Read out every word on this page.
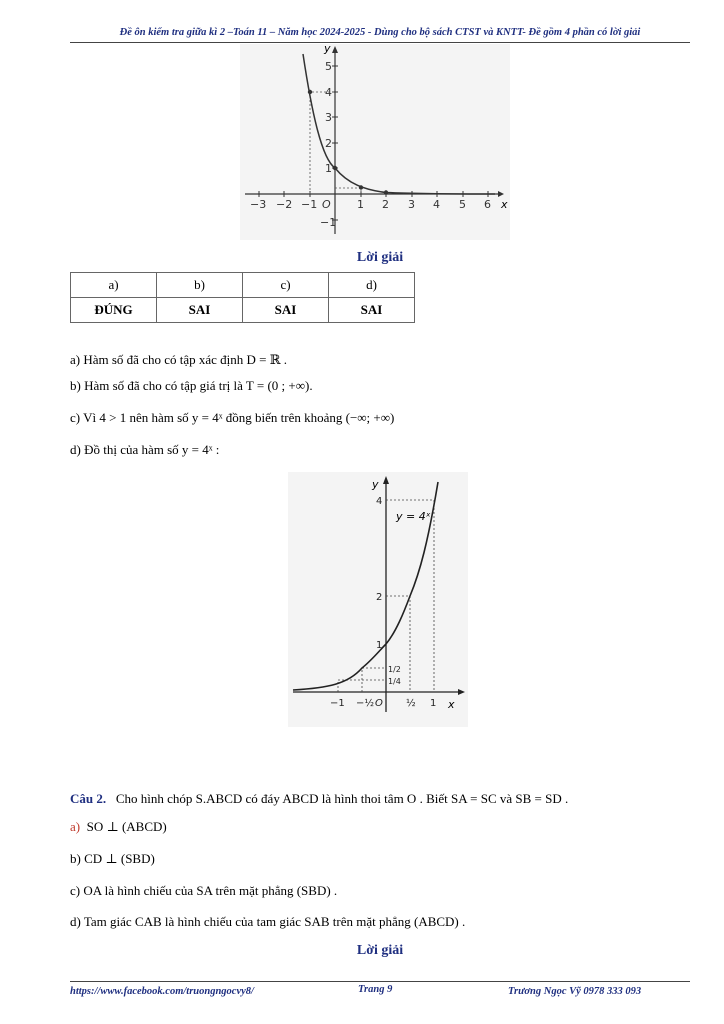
Đề ôn kiểm tra giữa kì 2 –Toán 11 – Năm học 2024-2025 - Dùng cho bộ sách CTST và KNTT- Đề gồm 4 phần có lời giải
x
y
−3 −2 −1 O 1 2 3 4 5 6
5
4
3
2
1
−1
Lời giải
a)	b)	c)	d)
ĐÚNG	SAI	SAI	SAI
a) Hàm số đã cho có tập xác định D = ℝ .
b) Hàm số đã cho có tập giá trị là T = (0 ; +∞).
c) Vì 4 > 1 nên hàm số y = 4ˣ đồng biến trên khoảng (−∞; +∞)
d) Đồ thị của hàm số y = 4ˣ :
y
x
y = 4ˣ
4
2
1
1/2
1/4
−1 −½ O ½ 1
Câu 2. Cho hình chóp S.ABCD có đáy ABCD là hình thoi tâm O . Biết SA = SC và SB = SD .
a) SO ⊥ (ABCD)
b) CD ⊥ (SBD)
c) OA là hình chiếu của SA trên mặt phẳng (SBD) .
d) Tam giác CAB là hình chiếu của tam giác SAB trên mặt phẳng (ABCD) .
Lời giải
https://www.facebook.com/truongngocvy8/	Trang 9	Trương Ngọc Vỹ 0978 333 093
